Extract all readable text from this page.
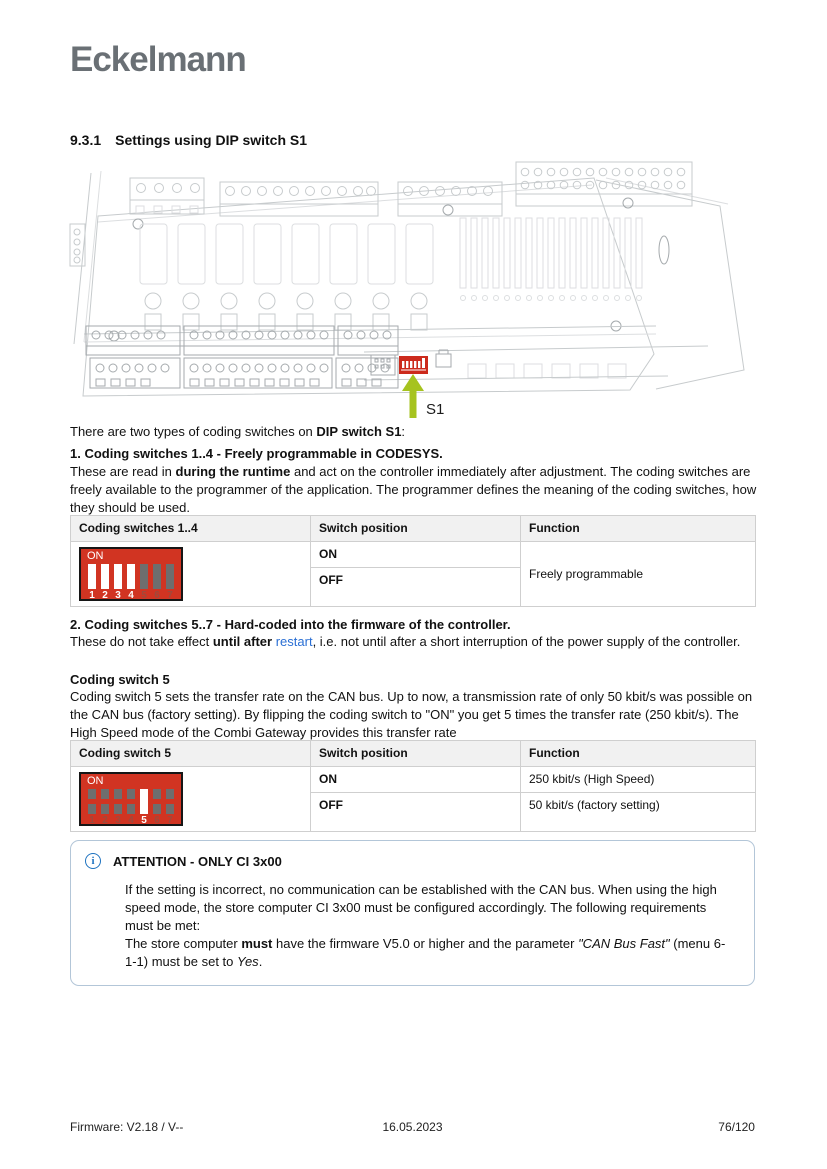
Eckelmann
9.3.1 Settings using DIP switch S1
S1
There are two types of coding switches on DIP switch S1:
1. Coding switches 1..4 - Freely programmable in CODESYS.
These are read in during the runtime and act on the controller immediately after adjustment. The coding switches are freely available to the programmer of the application. The programmer defines the meaning of the coding switches, how they should be used.
Coding switches 1..4	Switch position	Function

ON
1 2 3 4 5 6 7
	ON	Freely programmable
	OFF	
2. Coding switches 5..7 - Hard-coded into the firmware of the controller.
These do not take effect until after restart, i.e. not until after a short interruption of the power supply of the controller.
Coding switch 5
Coding switch 5 sets the transfer rate on the CAN bus. Up to now, a transmission rate of only 50 kbit/s was possible on the CAN bus (factory setting). By flipping the coding switch to "ON" you get 5 times the transfer rate (250 kbit/s). The High Speed mode of the Combi Gateway provides this transfer rate
Coding switch 5	Switch position	Function

ON
1 2 3 4 5 6 7
	ON	250 kbit/s (High Speed)
	OFF	50 kbit/s (factory setting)
i	ATTENTION - ONLY CI 3x00
If the setting is incorrect, no communication can be established with the CAN bus. When using the high speed mode, the store computer CI 3x00 must be configured accordingly. The following requirements must be met:
The store computer must have the firmware V5.0 or higher and the parameter "CAN Bus Fast" (menu 6-1-1) must be set to Yes.
Firmware: V2.18 / V--	16.05.2023	76/120
